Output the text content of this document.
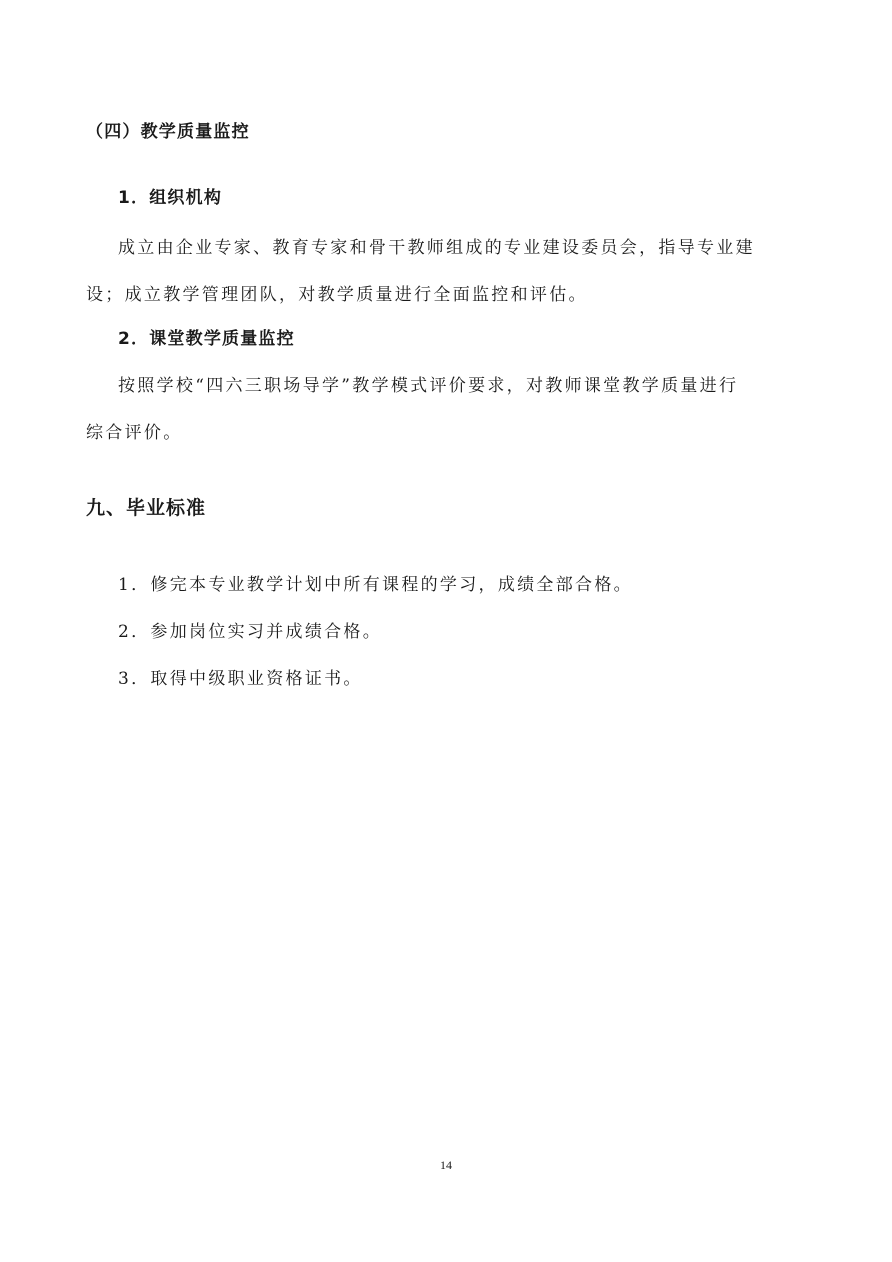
（四）教学质量监控
1．组织机构
成立由企业专家、教育专家和骨干教师组成的专业建设委员会，指导专业建
设；成立教学管理团队，对教学质量进行全面监控和评估。
2．课堂教学质量监控
按照学校“四六三职场导学”教学模式评价要求，对教师课堂教学质量进行
综合评价。
九、毕业标准
1．修完本专业教学计划中所有课程的学习，成绩全部合格。
2．参加岗位实习并成绩合格。
3．取得中级职业资格证书。
14
